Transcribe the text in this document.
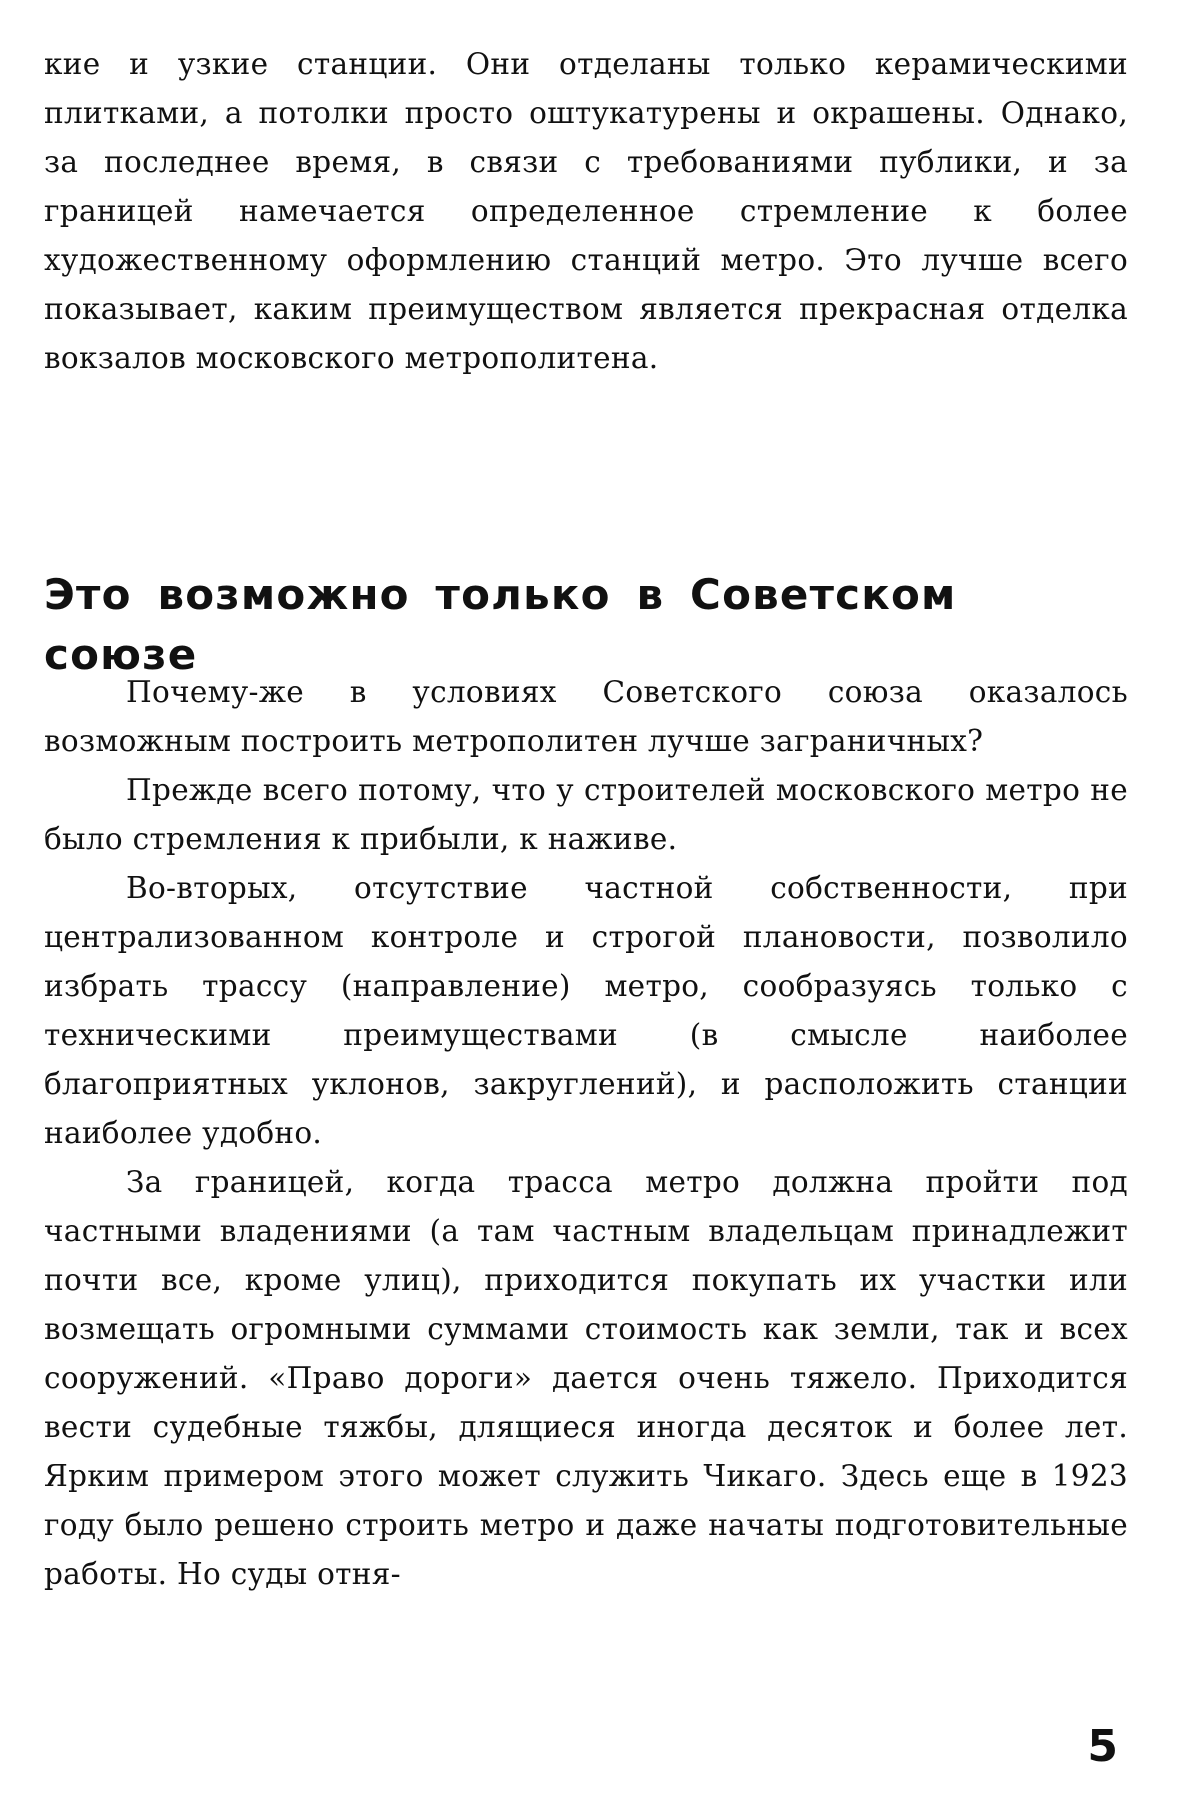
кие и узкие станции. Они отделаны только керамическими плитками, а потолки просто оштукатурены и окрашены. Однако, за последнее время, в связи с требованиями публики, и за границей намечается определенное стремление к более художественному оформлению станций метро. Это лучше всего показывает, каким преимуществом является прекрасная отделка вокзалов московского метрополитена.

Это возможно только в Советском союзе

Почему-же в условиях Советского союза оказалось возможным построить метрополитен лучше заграничных?

Прежде всего потому, что у строителей московского метро не было стремления к прибыли, к наживе.

Во-вторых, отсутствие частной собственности, при централизованном контроле и строгой плановости, позволило избрать трассу (направление) метро, сообразуясь только с техническими преимуществами (в смысле наиболее благоприятных уклонов, закруглений), и расположить станции наиболее удобно.

За границей, когда трасса метро должна пройти под частными владениями (а там частным владельцам принадлежит почти все, кроме улиц), приходится покупать их участки или возмещать огромными суммами стоимость как земли, так и всех сооружений. «Право дороги» дается очень тяжело. Приходится вести судебные тяжбы, длящиеся иногда десяток и более лет. Ярким примером этого может служить Чикаго. Здесь еще в 1923 году было решено строить метро и даже начаты подготовительные работы. Но суды отня-

5
